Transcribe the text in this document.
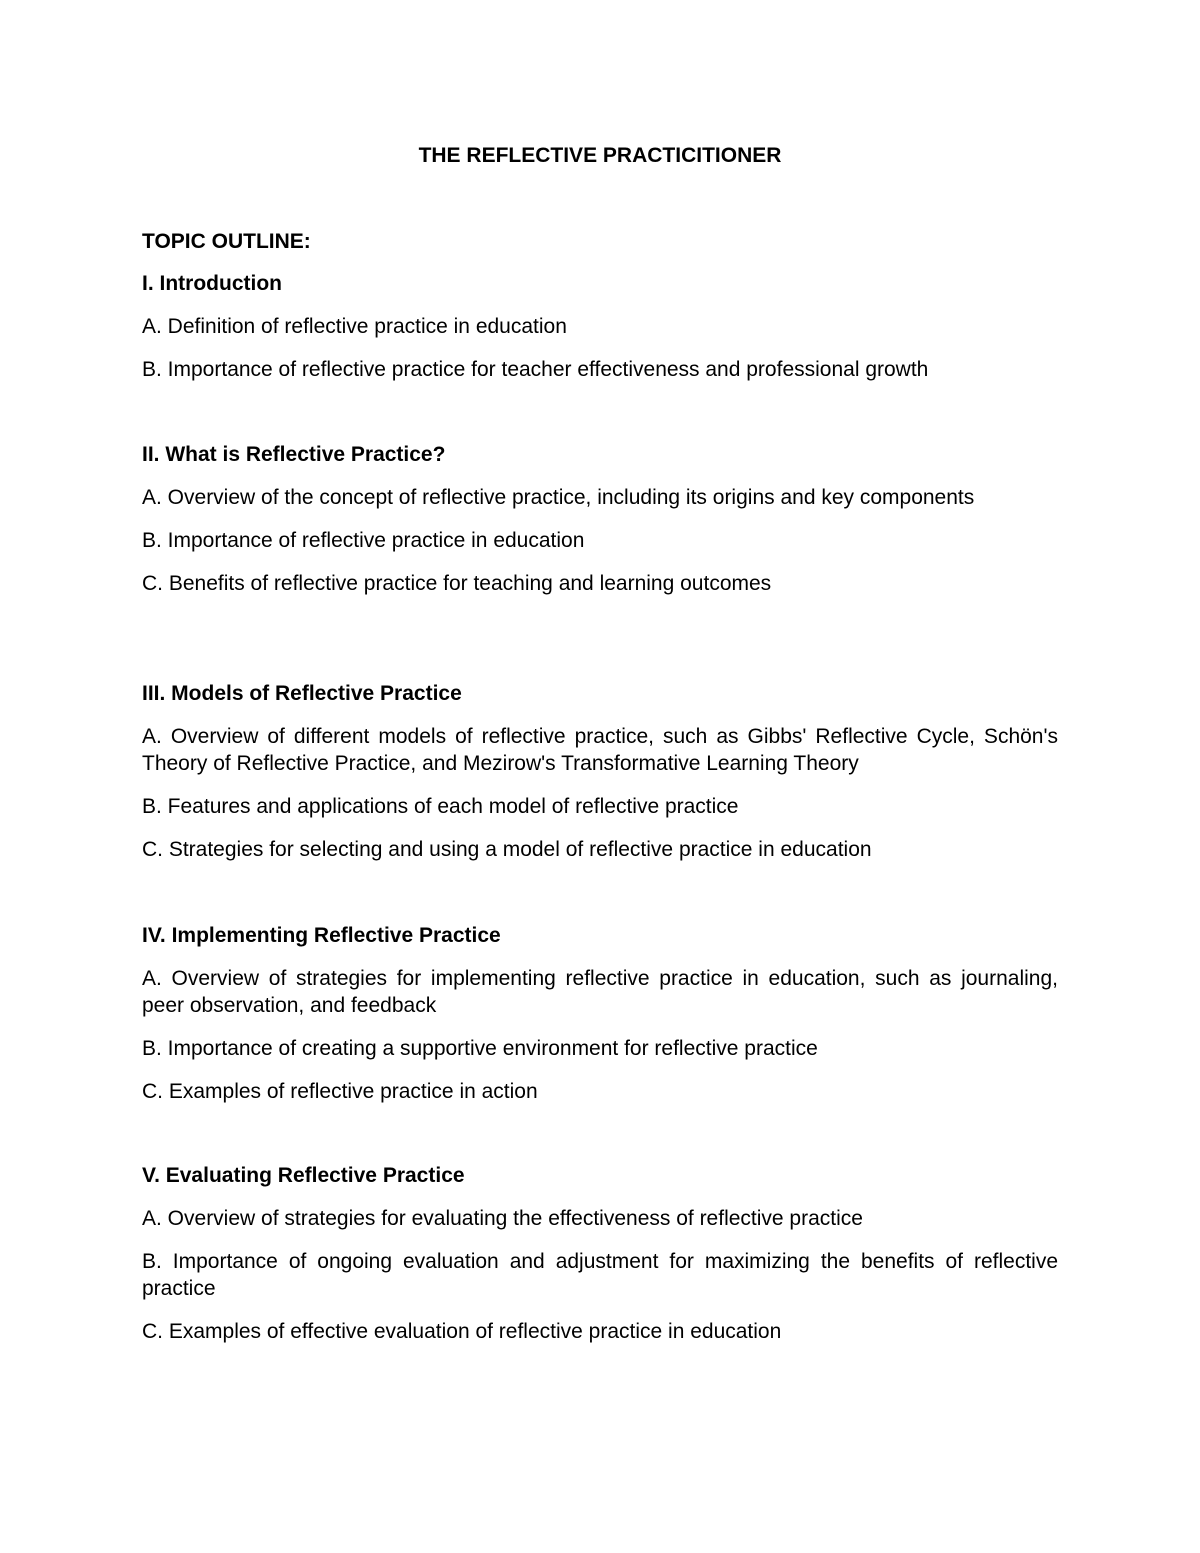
THE REFLECTIVE PRACTICITIONER

TOPIC OUTLINE:

I. Introduction

A. Definition of reflective practice in education

B. Importance of reflective practice for teacher effectiveness and professional growth

II. What is Reflective Practice?

A. Overview of the concept of reflective practice, including its origins and key components

B. Importance of reflective practice in education

C. Benefits of reflective practice for teaching and learning outcomes

III. Models of Reflective Practice

A. Overview of different models of reflective practice, such as Gibbs' Reflective Cycle, Schön's Theory of Reflective Practice, and Mezirow's Transformative Learning Theory

B. Features and applications of each model of reflective practice

C. Strategies for selecting and using a model of reflective practice in education

IV. Implementing Reflective Practice

A. Overview of strategies for implementing reflective practice in education, such as journaling, peer observation, and feedback

B. Importance of creating a supportive environment for reflective practice

C. Examples of reflective practice in action

V. Evaluating Reflective Practice

A. Overview of strategies for evaluating the effectiveness of reflective practice

B. Importance of ongoing evaluation and adjustment for maximizing the benefits of reflective practice

C. Examples of effective evaluation of reflective practice in education
